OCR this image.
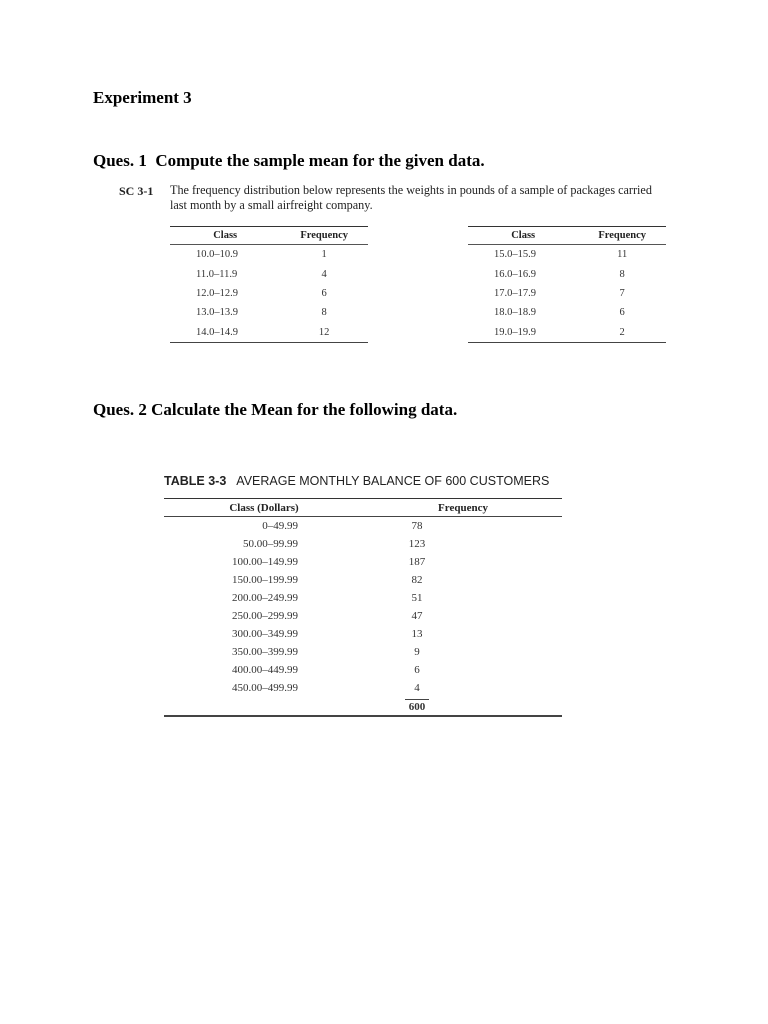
Experiment 3
Ques. 1  Compute the sample mean for the given data.
SC 3-1 The frequency distribution below represents the weights in pounds of a sample of packages carried last month by a small airfreight company.
Class	Frequency
10.0–10.9	1
11.0–11.9	4
12.0–12.9	6
13.0–13.9	8
14.0–14.9	12
Class	Frequency
15.0–15.9	11
16.0–16.9	8
17.0–17.9	7
18.0–18.9	6
19.0–19.9	2
Ques. 2 Calculate the Mean for the following data.
TABLE 3-3 AVERAGE MONTHLY BALANCE OF 600 CUSTOMERS
Class (Dollars)	Frequency
0–49.99	78
50.00–99.99	123
100.00–149.99	187
150.00–199.99	82
200.00–249.99	51
250.00–299.99	47
300.00–349.99	13
350.00–399.99	9
400.00–449.99	6
450.00–499.99	4
	600
